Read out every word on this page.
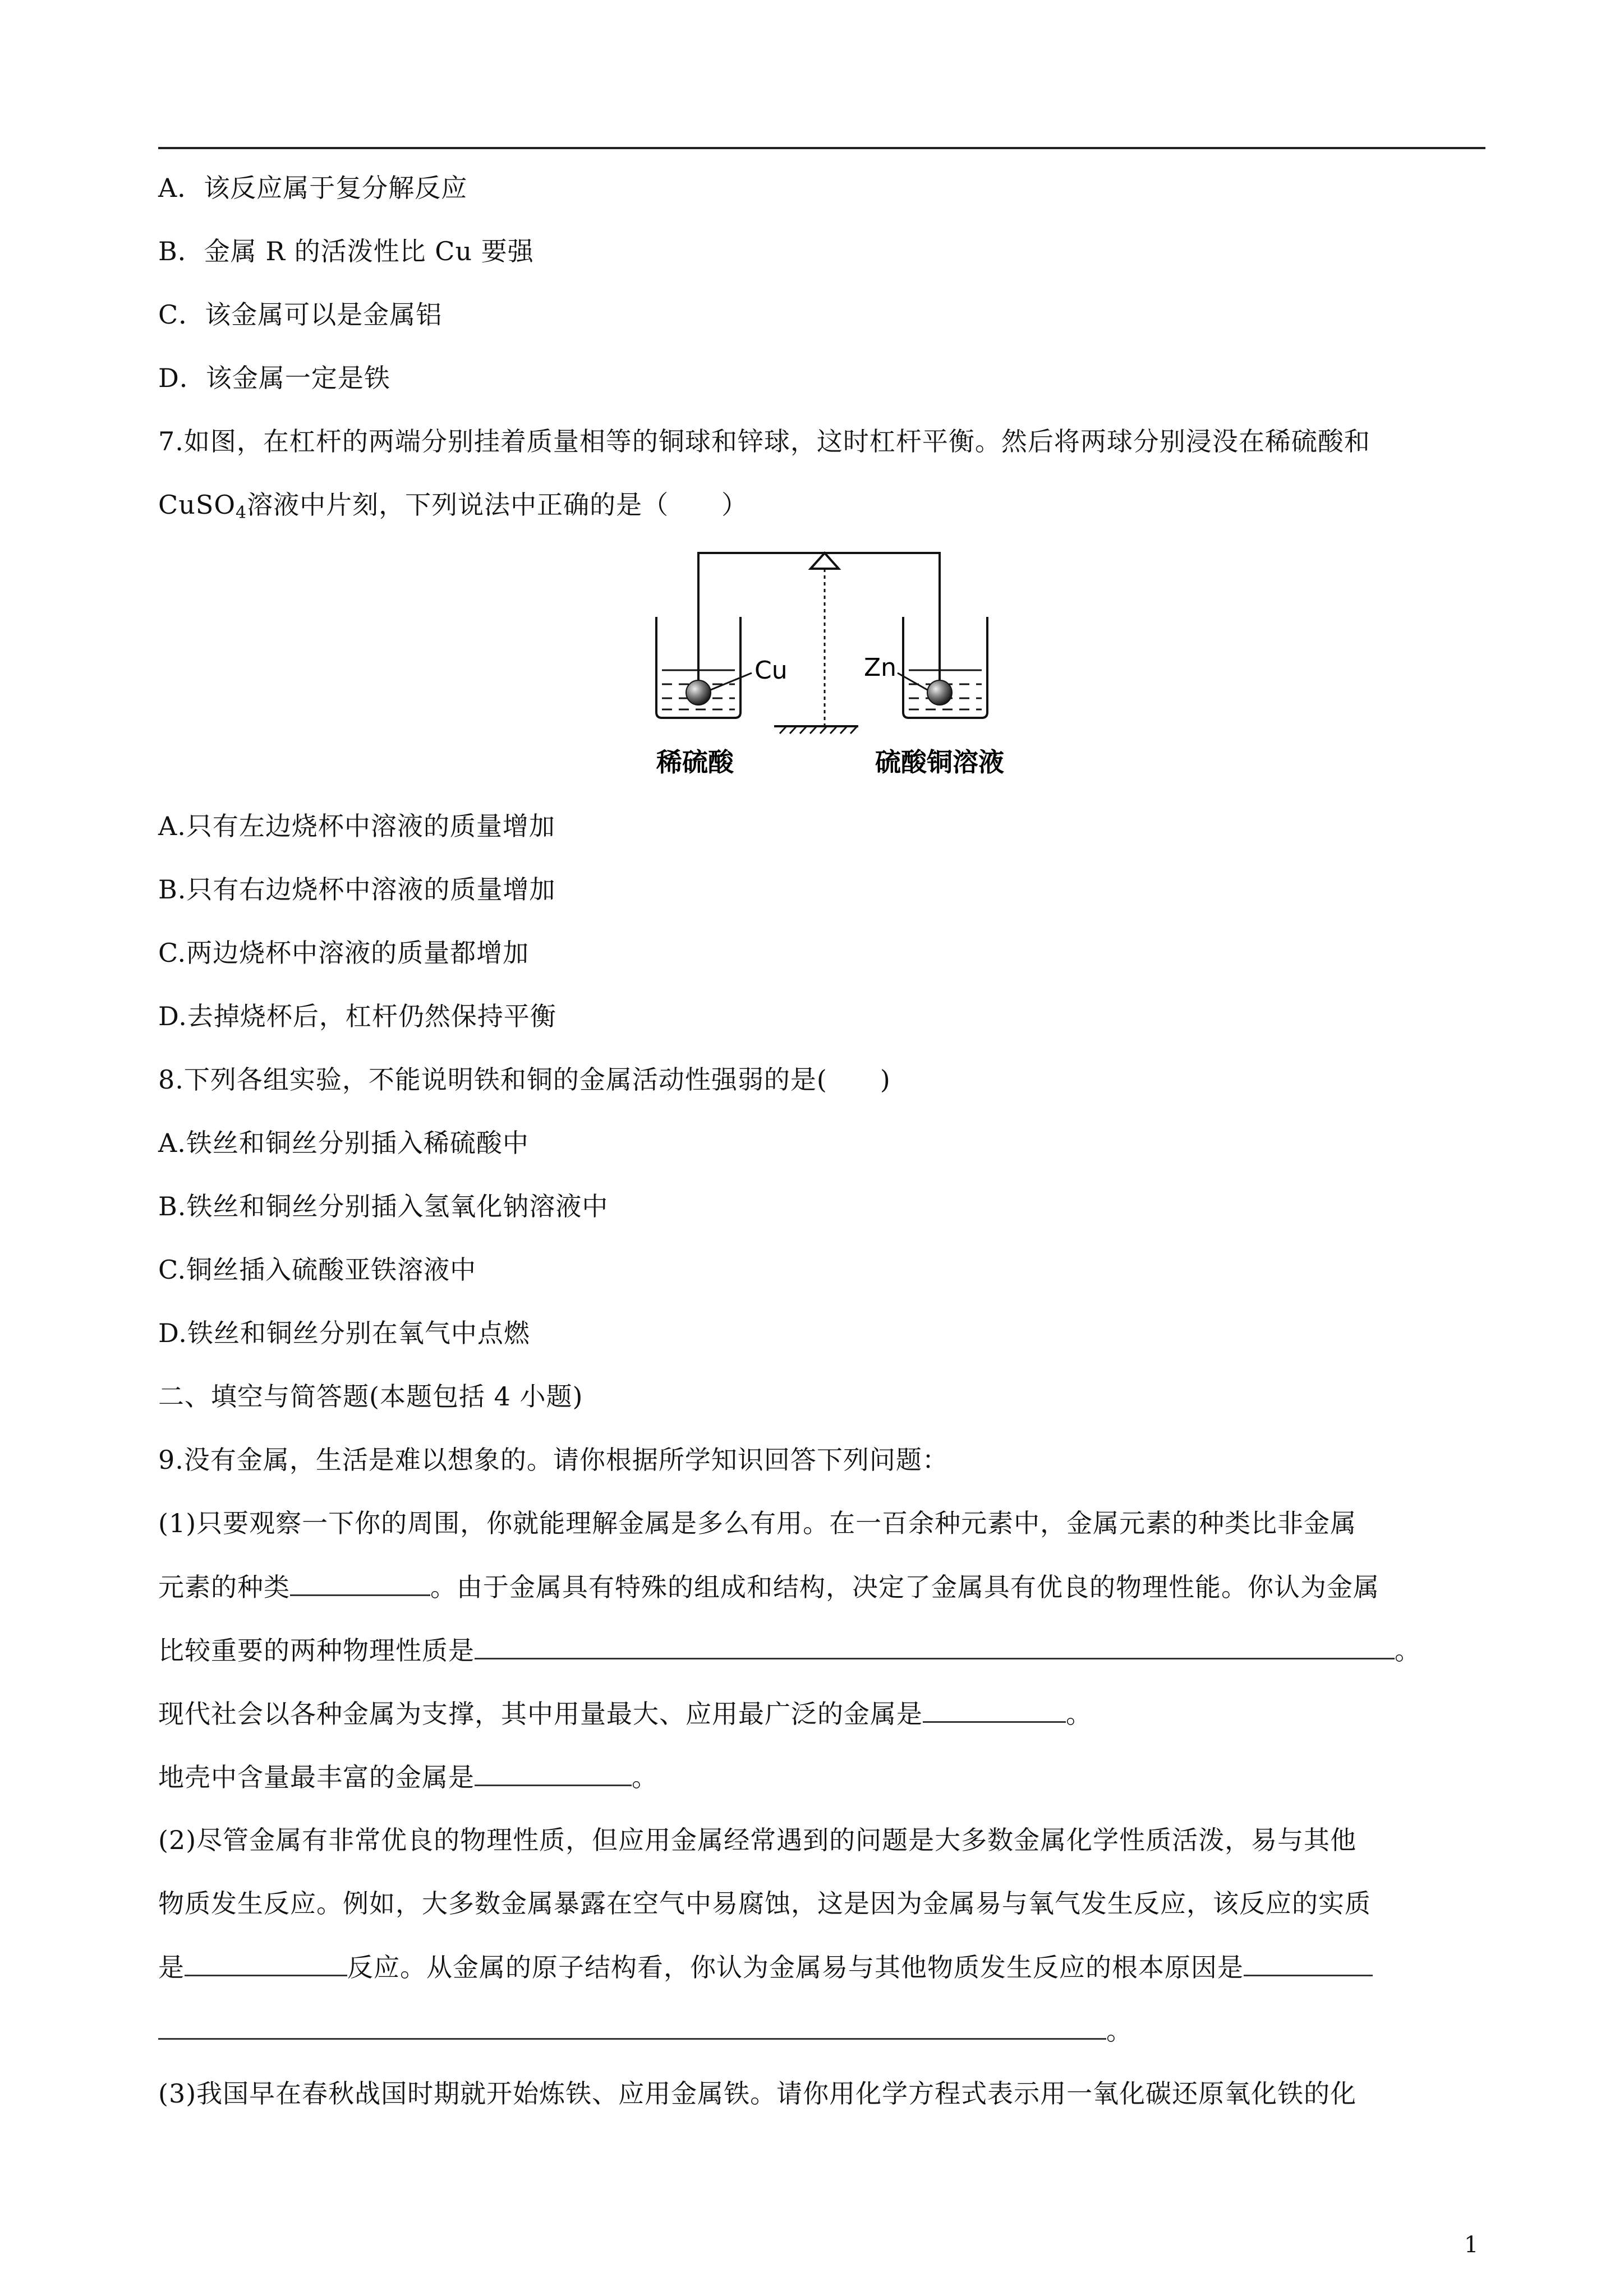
A．该反应属于复分解反应
B．金属 R 的活泼性比 Cu 要强
C．该金属可以是金属铝
D．该金属一定是铁
7.如图，在杠杆的两端分别挂着质量相等的铜球和锌球，这时杠杆平衡。然后将两球分别浸没在稀硫酸和
CuSO$_4$溶液中片刻，下列说法中正确的是（　　）
Cu	Zn
稀硫酸	硫酸铜溶液
A.只有左边烧杯中溶液的质量增加
B.只有右边烧杯中溶液的质量增加
C.两边烧杯中溶液的质量都增加
D.去掉烧杯后，杠杆仍然保持平衡
8.下列各组实验，不能说明铁和铜的金属活动性强弱的是(　　)
A.铁丝和铜丝分别插入稀硫酸中
B.铁丝和铜丝分别插入氢氧化钠溶液中
C.铜丝插入硫酸亚铁溶液中
D.铁丝和铜丝分别在氧气中点燃
二、填空与简答题(本题包括 4 小题)
9.没有金属，生活是难以想象的。请你根据所学知识回答下列问题：
(1)只要观察一下你的周围，你就能理解金属是多么有用。在一百余种元素中，金属元素的种类比非金属
元素的种类	。由于金属具有特殊的组成和结构，决定了金属具有优良的物理性能。你认为金属
比较重要的两种物理性质是	。
现代社会以各种金属为支撑，其中用量最大、应用最广泛的金属是	。
地壳中含量最丰富的金属是	。
(2)尽管金属有非常优良的物理性质，但应用金属经常遇到的问题是大多数金属化学性质活泼，易与其他
物质发生反应。例如，大多数金属暴露在空气中易腐蚀，这是因为金属易与氧气发生反应，该反应的实质
是	反应。从金属的原子结构看，你认为金属易与其他物质发生反应的根本原因是
。
(3)我国早在春秋战国时期就开始炼铁、应用金属铁。请你用化学方程式表示用一氧化碳还原氧化铁的化
1
